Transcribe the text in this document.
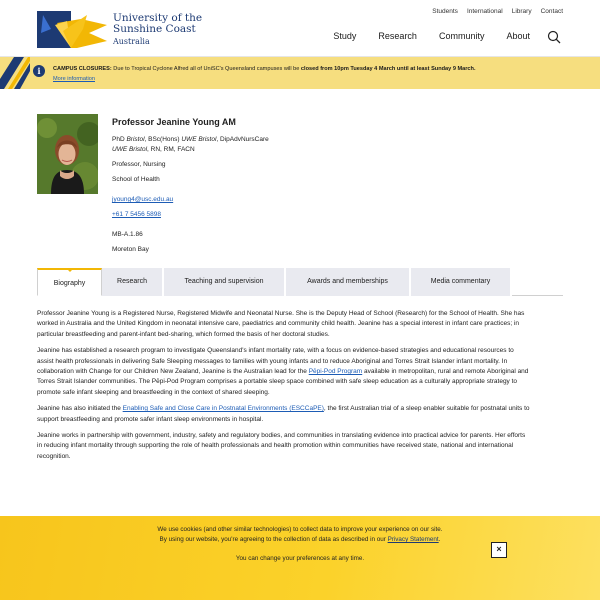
University of the
Sunshine Coast
Australia
Students International Library Contact
Study Research Community About
i	CAMPUS CLOSURES: Due to Tropical Cyclone Alfred all of UniSC's Queensland campuses will be closed from 10pm Tuesday 4 March until at least Sunday 9 March.
More information
Professor Jeanine Young AM
PhD Bristol, BSc(Hons) UWE Bristol, DipAdvNursCare
UWE Bristol, RN, RM, FACN
Professor, Nursing
School of Health
jyoung4@usc.edu.au
+61 7 5456 5898
MB-A.1.86
Moreton Bay
Biography	Research	Teaching and supervision	Awards and memberships	Media commentary

Professor Jeanine Young is a Registered Nurse, Registered Midwife and Neonatal Nurse. She is the Deputy Head of School (Research) for the School of Health. She has worked in Australia and the United Kingdom in neonatal intensive care, paediatrics and community child health. Jeanine has a special interest in infant care practices; in particular breastfeeding and parent-infant bed-sharing, which formed the basis of her doctoral studies.

Jeanine has established a research program to investigate Queensland's infant mortality rate, with a focus on evidence-based strategies and educational resources to assist health professionals in delivering Safe Sleeping messages to families with young infants and to reduce Aboriginal and Torres Strait Islander infant mortality. In collaboration with Change for our Children New Zealand, Jeanine is the Australian lead for the Pēpi-Pod Program available in metropolitan, rural and remote Aboriginal and Torres Strait Islander communities. The Pēpi-Pod Program comprises a portable sleep space combined with safe sleep education as a culturally appropriate strategy to promote safe infant sleeping and breastfeeding in the context of shared sleeping.

Jeanine has also initiated the Enabling Safe and Close Care in Postnatal Environments (ESCCaPE), the first Australian trial of a sleep enabler suitable for postnatal units to support breastfeeding and promote safer infant sleep environments in hospital.

Jeanine works in partnership with government, industry, safety and regulatory bodies, and communities in translating evidence into practical advice for parents. Her efforts in reducing infant mortality through supporting the role of health professionals and health promotion within communities have received state, national and international recognition.

We use cookies (and other similar technologies) to collect data to improve your experience on our site.
By using our website, you're agreeing to the collection of data as described in our Privacy Statement.
You can change your preferences at any time.
×
